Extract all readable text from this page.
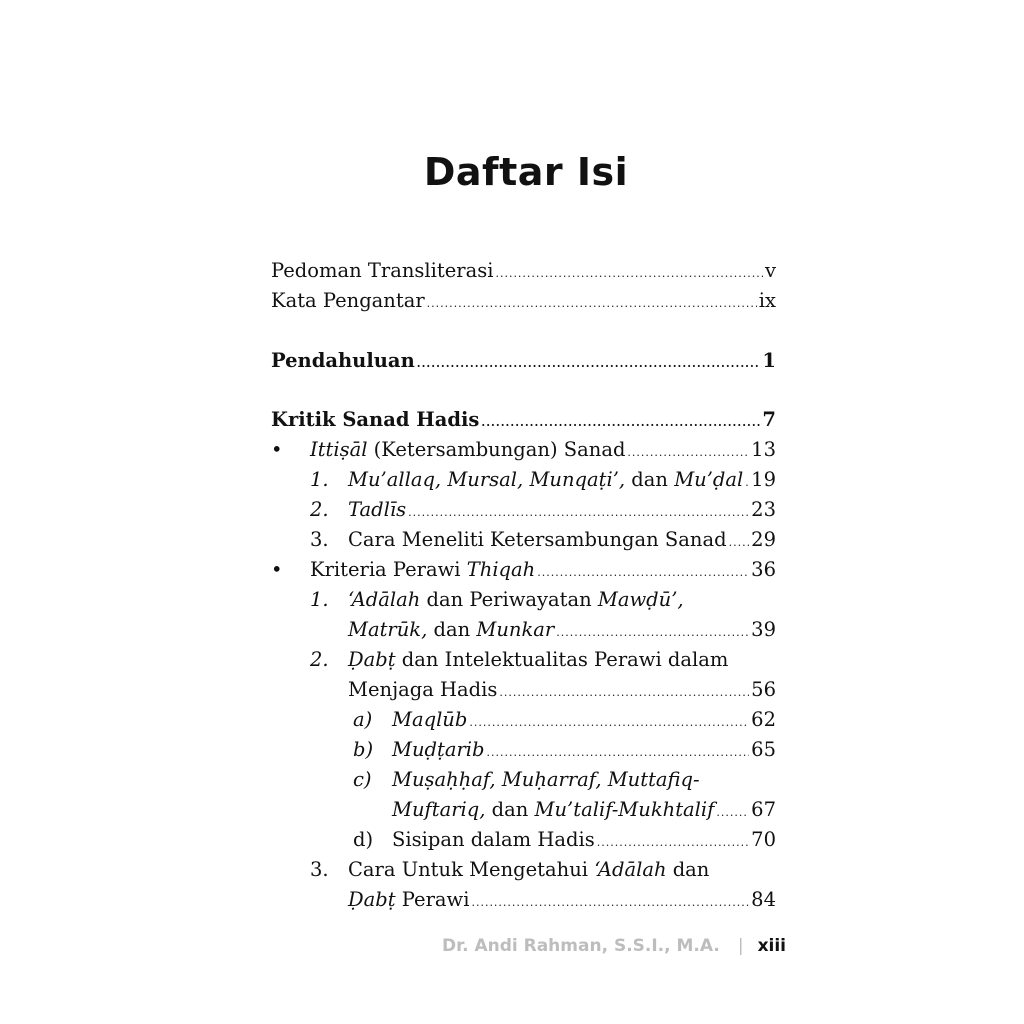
Daftar Isi
Pedoman Transliterasi .....	v
Kata Pengantar .....	ix
Pendahuluan .....	1
Kritik Sanad Hadis .....	7
•	Ittiṣāl (Ketersambungan) Sanad .....	13
1. Mu’allaq, Mursal, Munqaṭi’, dan Mu’ḍal ..... 19
2. Tadlīs .....	23
3. Cara Meneliti Ketersambungan Sanad ..... 29
•	Kriteria Perawi Thiqah .....	36
1. ‘Adālah dan Periwayatan Mawḍū’,
Matrūk, dan Munkar .....	39
2. Ḍabṭ dan Intelektualitas Perawi dalam
Menjaga Hadis .....	56
a)	Maqlūb .....	62
b) Muḍṭarib .....	65
c)	Muṣaḥḥaf, Muḥarraf, Muttafiq-
Muftariq, dan Mu’talif-Mukhtalif ..... 67
d) Sisipan dalam Hadis .....	70
3. Cara Untuk Mengetahui ‘Adālah dan
Ḍabṭ Perawi .....	84
Dr. Andi Rahman, S.S.I., M.A. | xiii
